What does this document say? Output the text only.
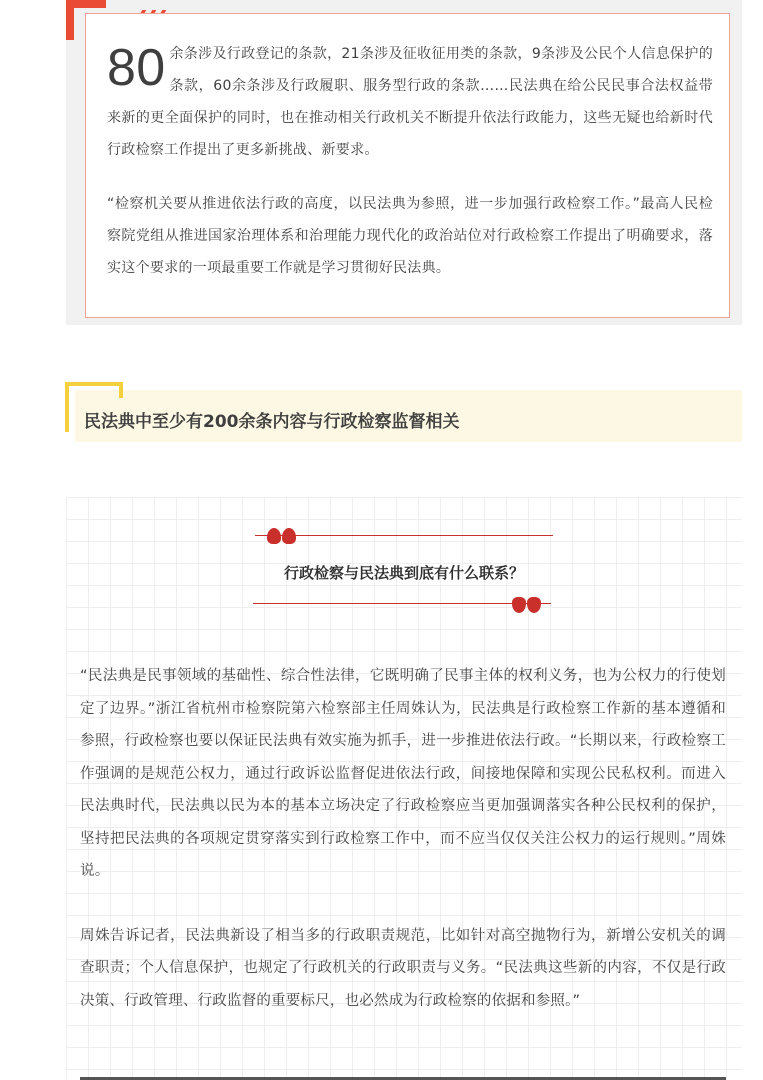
80 余条涉及行政登记的条款，21条涉及征收征用类的条款，9条涉及公民个人信息保护的条款，60余条涉及行政履职、服务型行政的条款……民法典在给公民民事合法权益带来新的更全面保护的同时，也在推动相关行政机关不断提升依法行政能力，这些无疑也给新时代行政检察工作提出了更多新挑战、新要求。

“检察机关要从推进依法行政的高度，以民法典为参照，进一步加强行政检察工作。”最高人民检察院党组从推进国家治理体系和治理能力现代化的政治站位对行政检察工作提出了明确要求，落实这个要求的一项最重要工作就是学习贯彻好民法典。

民法典中至少有200余条内容与行政检察监督相关
行政检察与民法典到底有什么联系？

“民法典是民事领域的基础性、综合性法律，它既明确了民事主体的权利义务，也为公权力的行使划定了边界。”浙江省杭州市检察院第六检察部主任周姝认为，民法典是行政检察工作新的基本遵循和参照，行政检察也要以保证民法典有效实施为抓手，进一步推进依法行政。“长期以来，行政检察工作强调的是规范公权力，通过行政诉讼监督促进依法行政，间接地保障和实现公民私权利。而进入民法典时代，民法典以民为本的基本立场决定了行政检察应当更加强调落实各种公民权利的保护，坚持把民法典的各项规定贯穿落实到行政检察工作中，而不应当仅仅关注公权力的运行规则。”周姝说。

周姝告诉记者，民法典新设了相当多的行政职责规范，比如针对高空抛物行为，新增公安机关的调查职责；个人信息保护，也规定了行政机关的行政职责与义务。“民法典这些新的内容，不仅是行政决策、行政管理、行政监督的重要标尺，也必然成为行政检察的依据和参照。”
